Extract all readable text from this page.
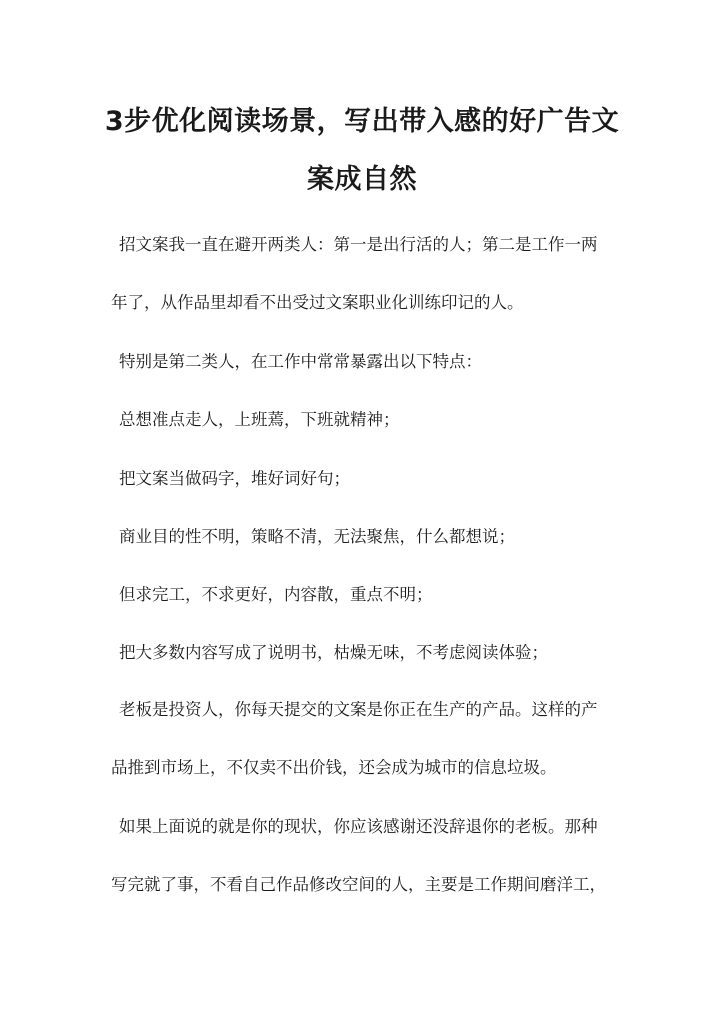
3步优化阅读场景，写出带入感的好广告文
案成自然
招文案我一直在避开两类人：第一是出行活的人；第二是工作一两
年了，从作品里却看不出受过文案职业化训练印记的人。
特别是第二类人，在工作中常常暴露出以下特点：
总想准点走人，上班蔫，下班就精神；
把文案当做码字，堆好词好句；
商业目的性不明，策略不清，无法聚焦，什么都想说；
但求完工，不求更好，内容散，重点不明；
把大多数内容写成了说明书，枯燥无味，不考虑阅读体验；
老板是投资人，你每天提交的文案是你正在生产的产品。这样的产
品推到市场上，不仅卖不出价钱，还会成为城市的信息垃圾。
如果上面说的就是你的现状，你应该感谢还没辞退你的老板。那种
写完就了事，不看自己作品修改空间的人，主要是工作期间磨洋工，
